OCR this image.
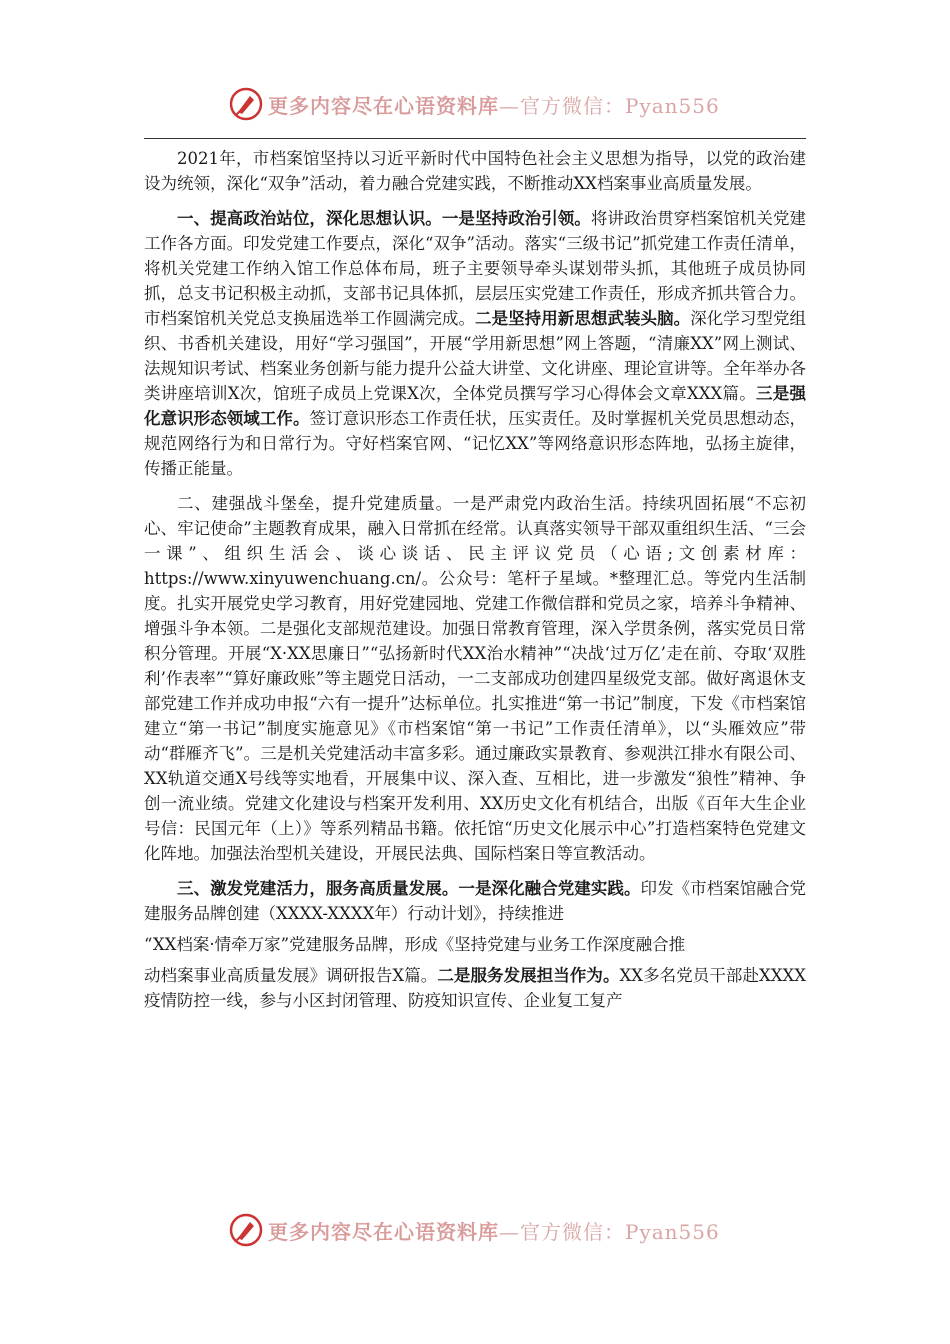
更多内容尽在心语资料库—官方微信：Pyan556

2021年，市档案馆坚持以习近平新时代中国特色社会主义思想为指导，以党的政治建设为统领，深化“双争”活动，着力融合党建实践，不断推动XX档案事业高质量发展。

一、提高政治站位，深化思想认识。一是坚持政治引领。将讲政治贯穿档案馆机关党建工作各方面。印发党建工作要点，深化“双争”活动。落实“三级书记”抓党建工作责任清单，将机关党建工作纳入馆工作总体布局，班子主要领导牵头谋划带头抓，其他班子成员协同抓，总支书记积极主动抓，支部书记具体抓，层层压实党建工作责任，形成齐抓共管合力。市档案馆机关党总支换届选举工作圆满完成。二是坚持用新思想武装头脑。深化学习型党组织、书香机关建设，用好“学习强国”，开展“学用新思想”网上答题，“清廉XX”网上测试、法规知识考试、档案业务创新与能力提升公益大讲堂、文化讲座、理论宣讲等。全年举办各类讲座培训X次，馆班子成员上党课X次，全体党员撰写学习心得体会文章XXX篇。三是强化意识形态领域工作。签订意识形态工作责任状，压实责任。及时掌握机关党员思想动态，规范网络行为和日常行为。守好档案官网、“记忆XX”等网络意识形态阵地，弘扬主旋律，传播正能量。

二、建强战斗堡垒，提升党建质量。一是严肃党内政治生活。持续巩固拓展“不忘初心、牢记使命”主题教育成果，融入日常抓在经常。认真落实领导干部双重组织生活、“三会一课”、组织生活会、谈心谈话、民主评议党员（心语;文创素材库：https://www.xinyuwenchuang.cn/。公众号：笔杆子星域。*整理汇总。等党内生活制度。扎实开展党史学习教育，用好党建园地、党建工作微信群和党员之家，培养斗争精神、增强斗争本领。二是强化支部规范建设。加强日常教育管理，深入学贯条例，落实党员日常积分管理。开展“X·XX思廉日”“弘扬新时代XX治水精神”“决战‘过万亿’走在前、夺取‘双胜利’作表率”“算好廉政账”等主题党日活动，一二支部成功创建四星级党支部。做好离退休支部党建工作并成功申报“六有一提升”达标单位。扎实推进“第一书记”制度，下发《市档案馆建立“第一书记”制度实施意见》《市档案馆“第一书记”工作责任清单》，以“头雁效应”带动“群雁齐飞”。三是机关党建活动丰富多彩。通过廉政实景教育、参观洪江排水有限公司、XX轨道交通X号线等实地看，开展集中议、深入查、互相比，进一步激发“狼性”精神、争创一流业绩。党建文化建设与档案开发利用、XX历史文化有机结合，出版《百年大生企业号信：民国元年（上）》等系列精品书籍。依托馆“历史文化展示中心”打造档案特色党建文化阵地。加强法治型机关建设，开展民法典、国际档案日等宣教活动。

三、激发党建活力，服务高质量发展。一是深化融合党建实践。印发《市档案馆融合党建服务品牌创建（XXXX-XXXX年）行动计划》，持续推进
“XX档案·情牵万家”党建服务品牌，形成《坚持党建与业务工作深度融合推
动档案事业高质量发展》调研报告X篇。二是服务发展担当作为。XX多名党员干部赴XXXX疫情防控一线，参与小区封闭管理、防疫知识宣传、企业复工复产

更多内容尽在心语资料库—官方微信：Pyan556
